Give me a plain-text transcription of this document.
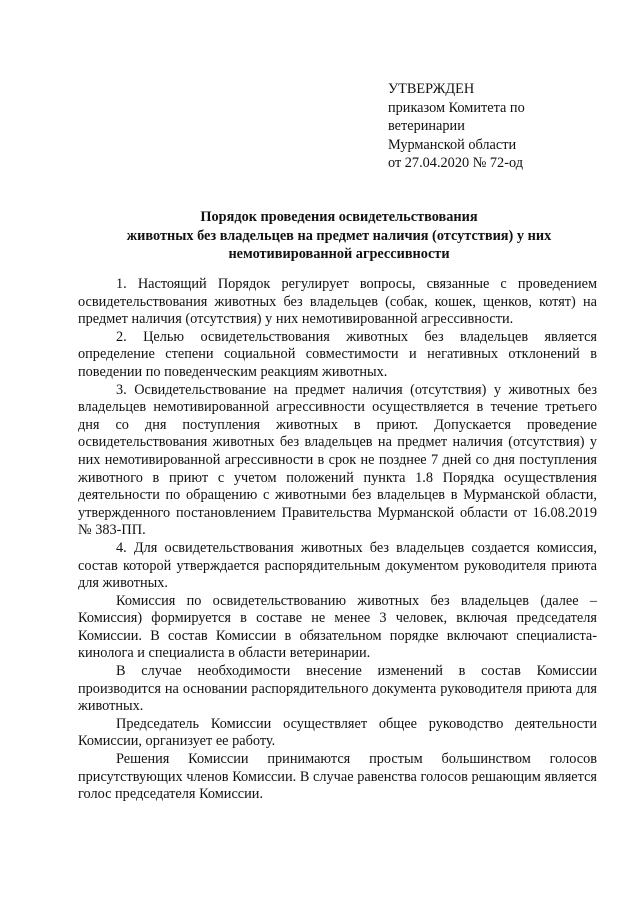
УТВЕРЖДЕН
приказом Комитета по
ветеринарии
Мурманской области
от 27.04.2020 № 72-од
Порядок проведения освидетельствования
животных без владельцев на предмет наличия (отсутствия) у них
немотивированной агрессивности

1. Настоящий Порядок регулирует вопросы, связанные с проведением освидетельствования животных без владельцев (собак, кошек, щенков, котят) на предмет наличия (отсутствия) у них немотивированной агрессивности.

2. Целью освидетельствования животных без владельцев является определение степени социальной совместимости и негативных отклонений в поведении по поведенческим реакциям животных.

3. Освидетельствование на предмет наличия (отсутствия) у животных без владельцев немотивированной агрессивности осуществляется в течение третьего дня со дня поступления животных в приют. Допускается проведение освидетельствования животных без владельцев на предмет наличия (отсутствия) у них немотивированной агрессивности в срок не позднее 7 дней со дня поступления животного в приют с учетом положений пункта 1.8 Порядка осуществления деятельности по обращению с животными без владельцев в Мурманской области, утвержденного постановлением Правительства Мурманской области от 16.08.2019 № 383-ПП.

4. Для освидетельствования животных без владельцев создается комиссия, состав которой утверждается распорядительным документом руководителя приюта для животных.

Комиссия по освидетельствованию животных без владельцев (далее – Комиссия) формируется в составе не менее 3 человек, включая председателя Комиссии. В состав Комиссии в обязательном порядке включают специалиста-кинолога и специалиста в области ветеринарии.

В случае необходимости внесение изменений в состав Комиссии производится на основании распорядительного документа руководителя приюта для животных.

Председатель Комиссии осуществляет общее руководство деятельности Комиссии, организует ее работу.

Решения Комиссии принимаются простым большинством голосов присутствующих членов Комиссии. В случае равенства голосов решающим является голос председателя Комиссии.
